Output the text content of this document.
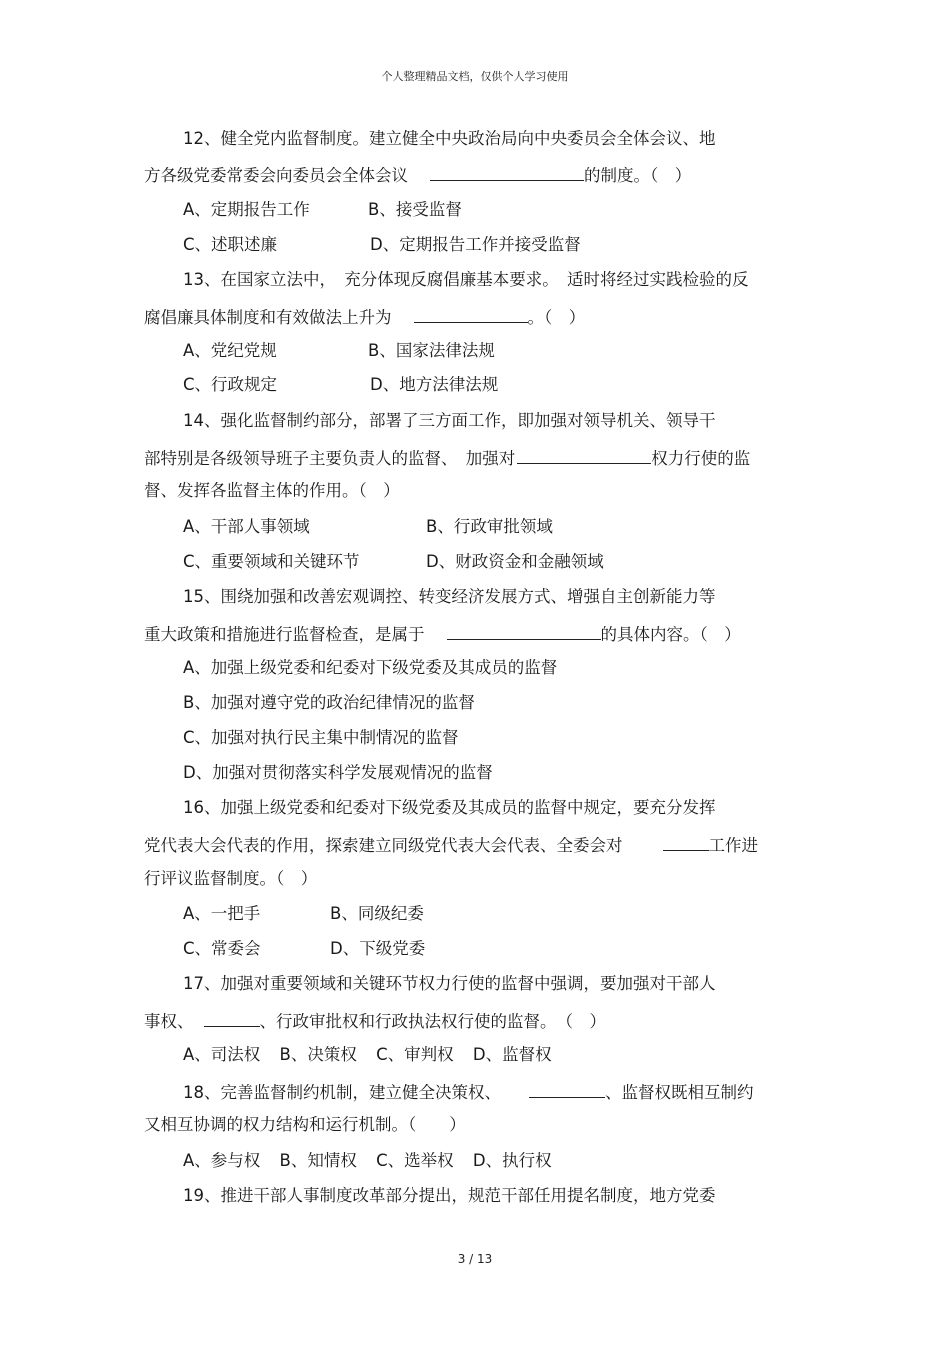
个人整理精品文档，仅供个人学习使用
12、健全党内监督制度。建立健全中央政治局向中央委员会全体会议、地
方各级党委常委会向委员会全体会议	的制度。（　）
A、定期报告工作	B、接受监督
C、述职述廉	D、定期报告工作并接受监督
13、在国家立法中，　充分体现反腐倡廉基本要求。　适时将经过实践检验的反
腐倡廉具体制度和有效做法上升为	。（　）
A、党纪党规	B、国家法律法规
C、行政规定	D、地方法律法规
14、强化监督制约部分，部署了三方面工作，即加强对领导机关、领导干
部特别是各级领导班子主要负责人的监督、　加强对	权力行使的监
督、发挥各监督主体的作用。（　）
A、干部人事领域	B、行政审批领域
C、重要领域和关键环节	D、财政资金和金融领域
15、围绕加强和改善宏观调控、转变经济发展方式、增强自主创新能力等
重大政策和措施进行监督检查，是属于	的具体内容。（　）
A、加强上级党委和纪委对下级党委及其成员的监督
B、加强对遵守党的政治纪律情况的监督
C、加强对执行民主集中制情况的监督
D、加强对贯彻落实科学发展观情况的监督
16、加强上级党委和纪委对下级党委及其成员的监督中规定，要充分发挥
党代表大会代表的作用，探索建立同级党代表大会代表、全委会对	工作进
行评议监督制度。（　）
A、一把手	B、同级纪委
C、常委会	D、下级党委
17、加强对重要领域和关键环节权力行使的监督中强调，要加强对干部人
事权、	、行政审批权和行政执法权行使的监督。　（　）
A、司法权 B、决策权 C、审判权 D、监督权
18、完善监督制约机制，建立健全决策权、	、监督权既相互制约
又相互协调的权力结构和运行机制。（　　）
A、参与权 B、知情权 C、选举权 D、执行权
19、推进干部人事制度改革部分提出，规范干部任用提名制度，地方党委
3 / 13
